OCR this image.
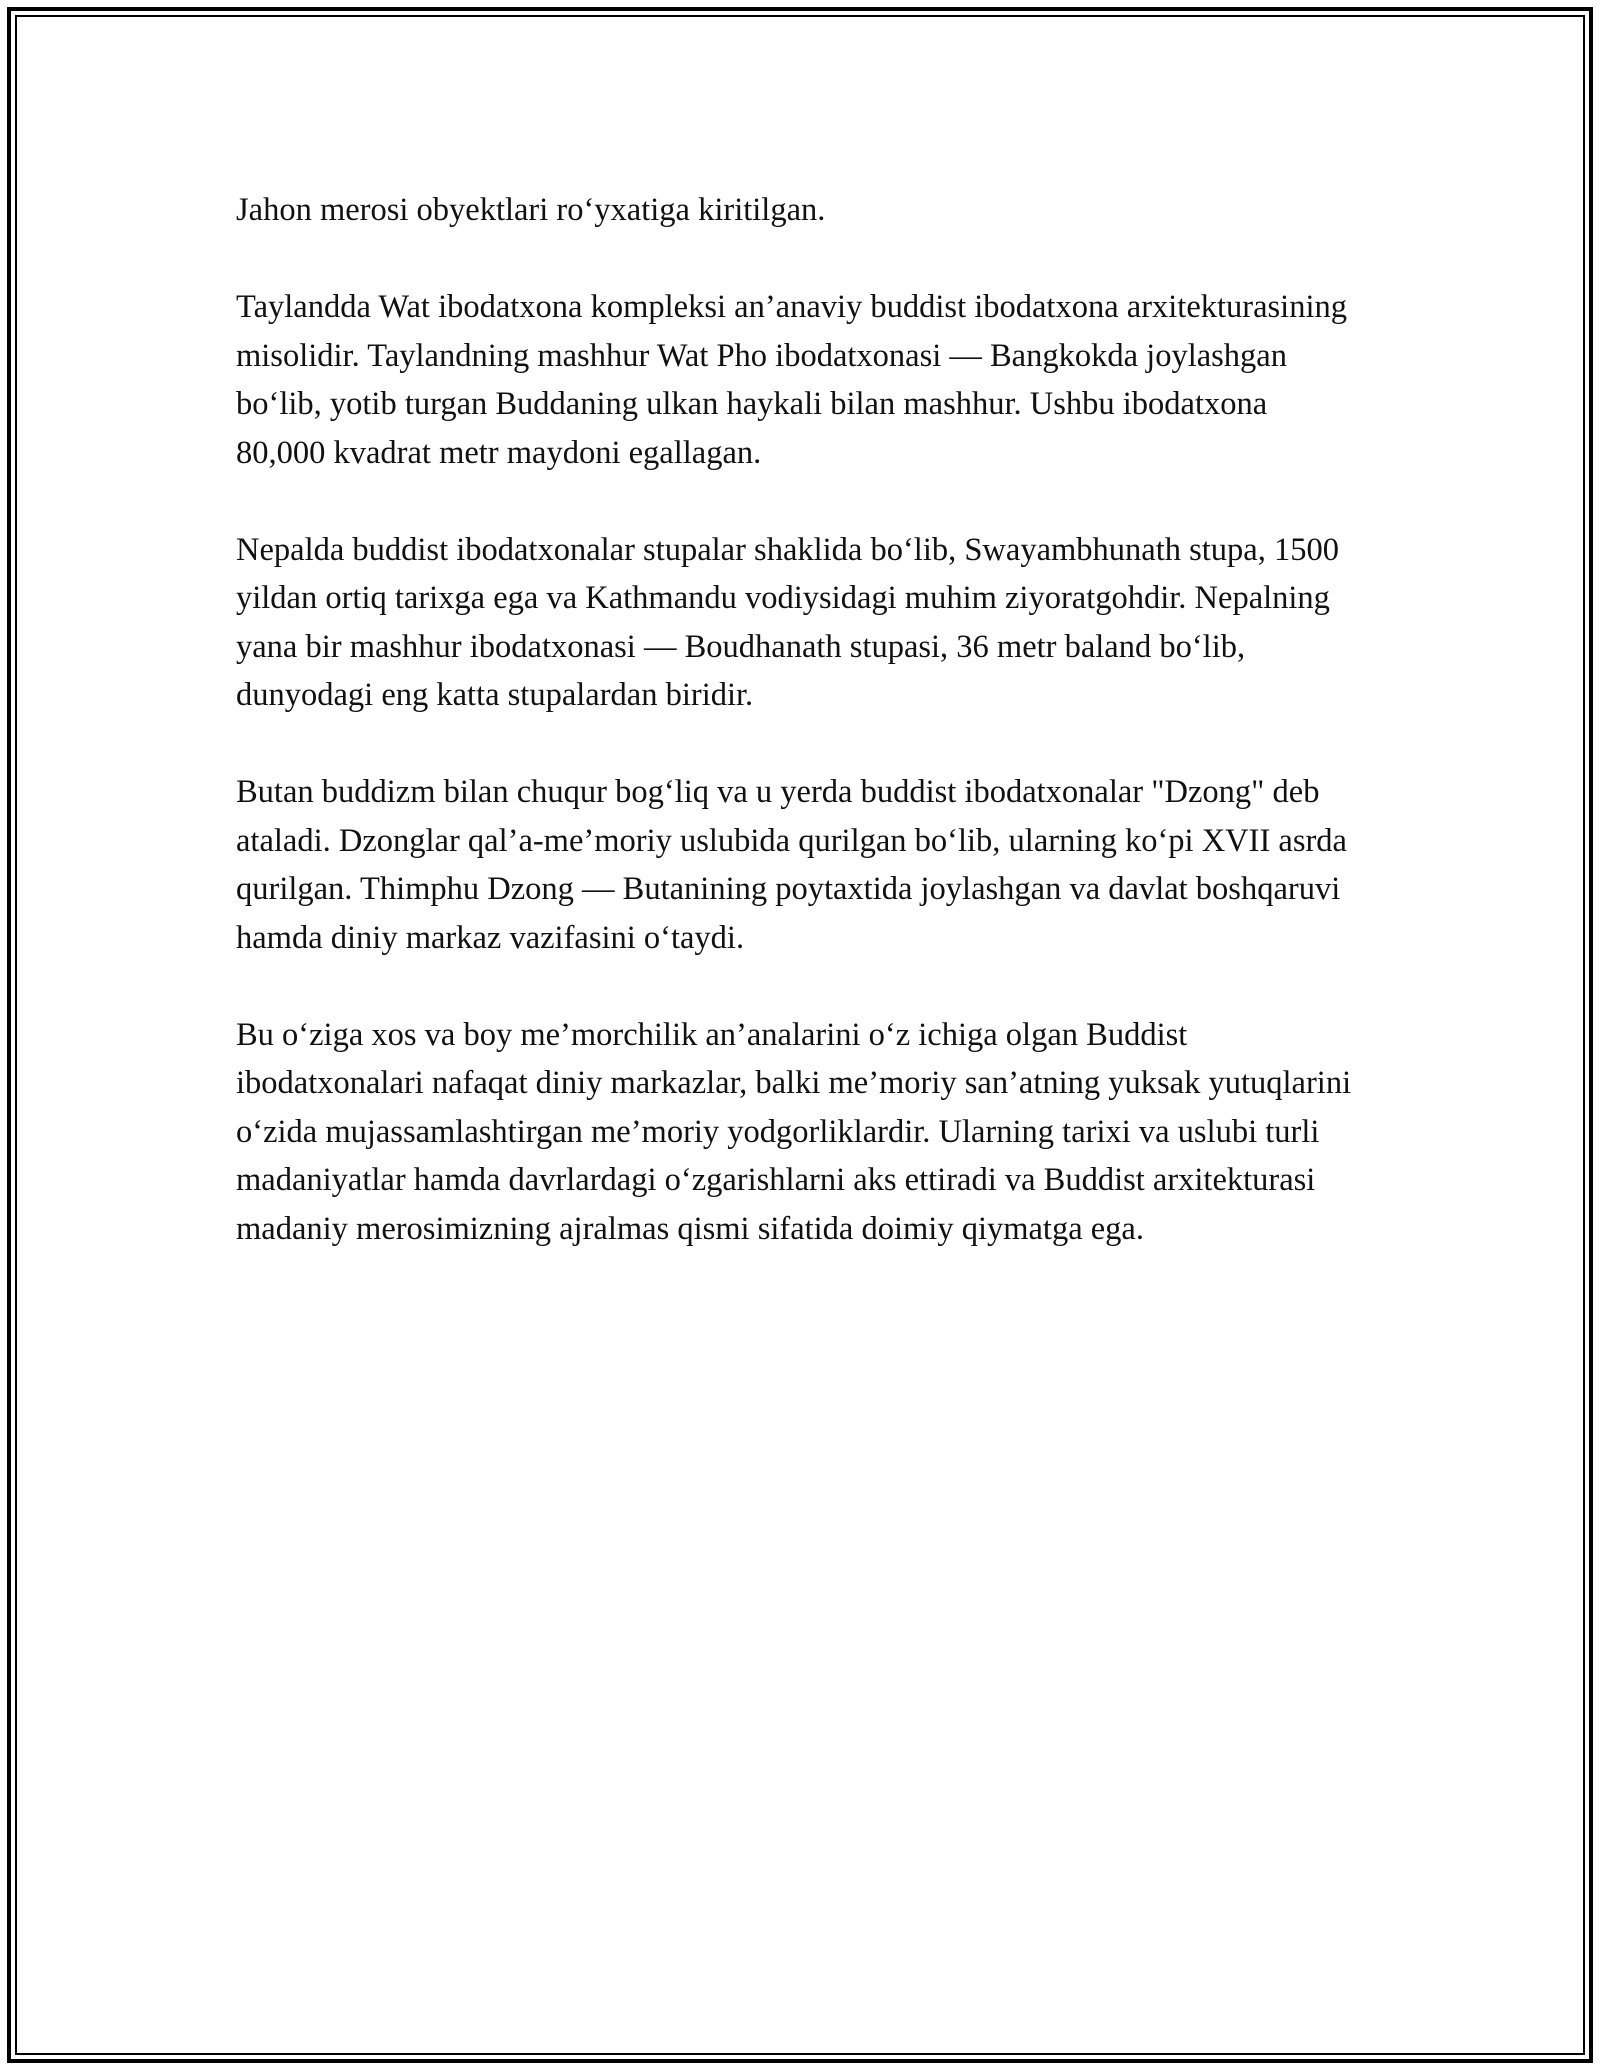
Jahon merosi obyektlari ro‘yxatiga kiritilgan.

Taylandda Wat ibodatxona kompleksi an’anaviy buddist ibodatxona arxitekturasining misolidir. Taylandning mashhur Wat Pho ibodatxonasi — Bangkokda joylashgan bo‘lib, yotib turgan Buddaning ulkan haykali bilan mashhur. Ushbu ibodatxona 80,000 kvadrat metr maydoni egallagan.

Nepalda buddist ibodatxonalar stupalar shaklida bo‘lib, Swayambhunath stupa, 1500 yildan ortiq tarixga ega va Kathmandu vodiysidagi muhim ziyoratgohdir. Nepalning yana bir mashhur ibodatxonasi — Boudhanath stupasi, 36 metr baland bo‘lib, dunyodagi eng katta stupalardan biridir.

Butan buddizm bilan chuqur bog‘liq va u yerda buddist ibodatxonalar "Dzong" deb ataladi. Dzonglar qal’a-me’moriy uslubida qurilgan bo‘lib, ularning ko‘pi XVII asrda qurilgan. Thimphu Dzong — Butanining poytaxtida joylashgan va davlat boshqaruvi hamda diniy markaz vazifasini o‘taydi.

Bu o‘ziga xos va boy me’morchilik an’analarini o‘z ichiga olgan Buddist ibodatxonalari nafaqat diniy markazlar, balki me’moriy san’atning yuksak yutuqlarini o‘zida mujassamlashtirgan me’moriy yodgorliklardir. Ularning tarixi va uslubi turli madaniyatlar hamda davrlardagi o‘zgarishlarni aks ettiradi va Buddist arxitekturasi madaniy merosimizning ajralmas qismi sifatida doimiy qiymatga ega.
